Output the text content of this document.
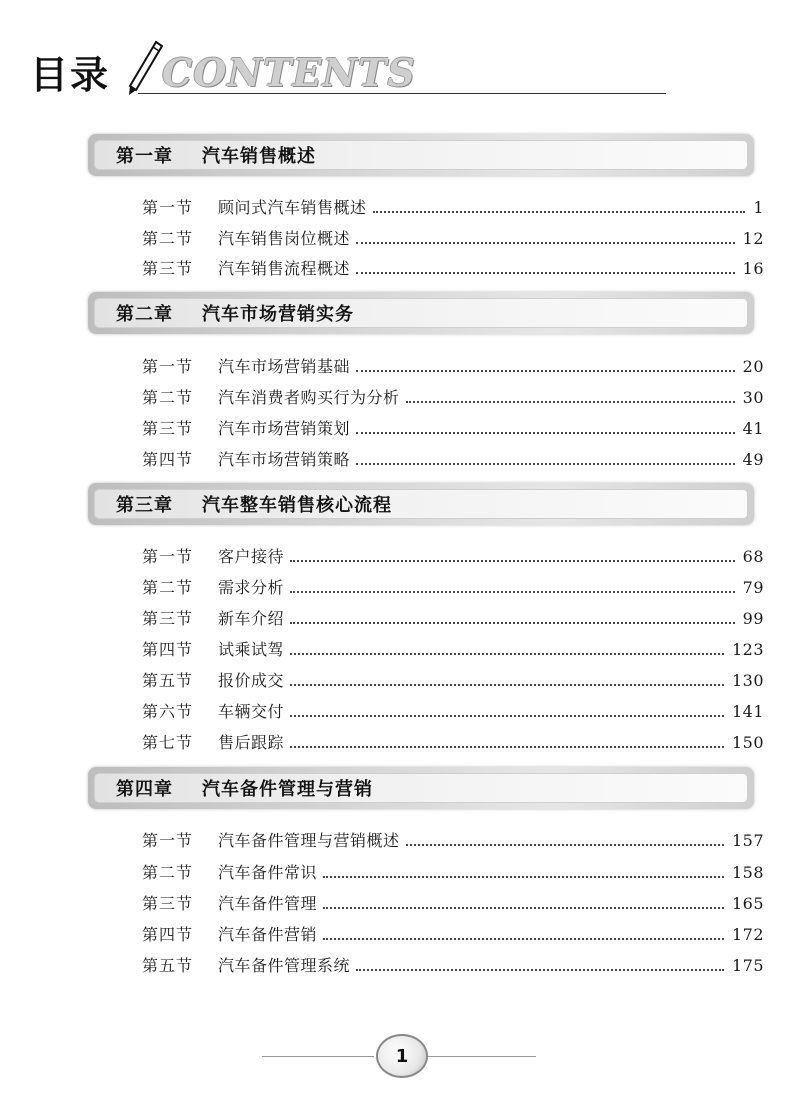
目录 CONTENTS
第一章 汽车销售概述
第一节	顾问式汽车销售概述	1
第二节	汽车销售岗位概述	12
第三节	汽车销售流程概述	16
第二章 汽车市场营销实务
第一节	汽车市场营销基础	20
第二节	汽车消费者购买行为分析	30
第三节	汽车市场营销策划	41
第四节	汽车市场营销策略	49
第三章 汽车整车销售核心流程
第一节	客户接待	68
第二节	需求分析	79
第三节	新车介绍	99
第四节	试乘试驾	123
第五节	报价成交	130
第六节	车辆交付	141
第七节	售后跟踪	150
第四章 汽车备件管理与营销
第一节	汽车备件管理与营销概述	157
第二节	汽车备件常识	158
第三节	汽车备件管理	165
第四节	汽车备件营销	172
第五节	汽车备件管理系统	175
1
